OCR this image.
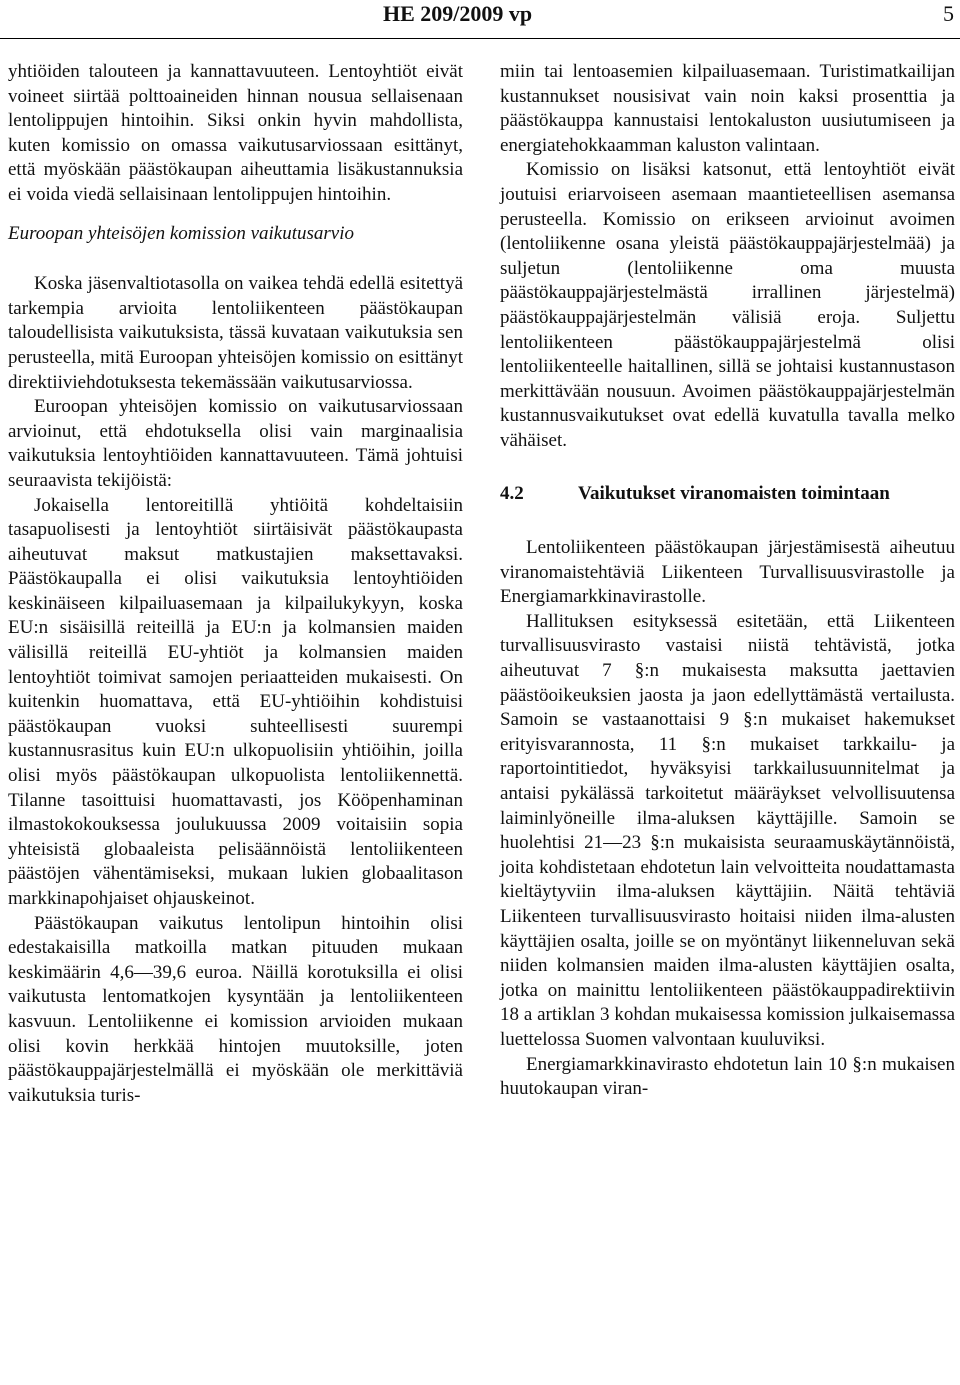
HE 209/2009 vp	5

yhtiöiden talouteen ja kannattavuuteen. Lentoyhtiöt eivät voineet siirtää polttoaineiden hinnan nousua sellaisenaan lentolippujen hintoihin. Siksi onkin hyvin mahdollista, kuten komissio on omassa vaikutusarviossaan esittänyt, että myöskään päästökaupan aiheuttamia lisäkustannuksia ei voida viedä sellaisinaan lentolippujen hintoihin.

Euroopan yhteisöjen komission vaikutusarvio

Koska jäsenvaltiotasolla on vaikea tehdä edellä esitettyä tarkempia arvioita lentoliikenteen päästökaupan taloudellisista vaikutuksista, tässä kuvataan vaikutuksia sen perusteella, mitä Euroopan yhteisöjen komissio on esittänyt direktiiviehdotuksesta tekemässään vaikutusarviossa.

Euroopan yhteisöjen komissio on vaikutusarviossaan arvioinut, että ehdotuksella olisi vain marginaalisia vaikutuksia lentoyhtiöiden kannattavuuteen. Tämä johtuisi seuraavista tekijöistä:

Jokaisella lentoreitillä yhtiöitä kohdeltaisiin tasapuolisesti ja lentoyhtiöt siirtäisivät päästökaupasta aiheutuvat maksut matkustajien maksettavaksi. Päästökaupalla ei olisi vaikutuksia lentoyhtiöiden keskinäiseen kilpailuasemaan ja kilpailukykyyn, koska EU:n sisäisillä reiteillä ja EU:n ja kolmansien maiden välisillä reiteillä EU-yhtiöt ja kolmansien maiden lentoyhtiöt toimivat samojen periaatteiden mukaisesti. On kuitenkin huomattava, että EU-yhtiöihin kohdistuisi päästökaupan vuoksi suhteellisesti suurempi kustannusrasitus kuin EU:n ulkopuolisiin yhtiöihin, joilla olisi myös päästökaupan ulkopuolista lentoliikennettä. Tilanne tasoittuisi huomattavasti, jos Kööpenhaminan ilmastokokouksessa joulukuussa 2009 voitaisiin sopia yhteisistä globaaleista pelisäännöistä lentoliikenteen päästöjen vähentämiseksi, mukaan lukien globaalitason markkinapohjaiset ohjauskeinot.

Päästökaupan vaikutus lentolipun hintoihin olisi edestakaisilla matkoilla matkan pituuden mukaan keskimäärin 4,6—39,6 euroa. Näillä korotuksilla ei olisi vaikutusta lentomatkojen kysyntään ja lentoliikenteen kasvuun. Lentoliikenne ei komission arvioiden mukaan olisi kovin herkkää hintojen muutoksille, joten päästökauppajärjestelmällä ei myöskään ole merkittäviä vaikutuksia turis-

miin tai lentoasemien kilpailuasemaan. Turistimatkailijan kustannukset nousisivat vain noin kaksi prosenttia ja päästökauppa kannustaisi lentokaluston uusiutumiseen ja energiatehokkaamman kaluston valintaan.

Komissio on lisäksi katsonut, että lentoyhtiöt eivät joutuisi eriarvoiseen asemaan maantieteellisen asemansa perusteella. Komissio on erikseen arvioinut avoimen (lentoliikenne osana yleistä päästökauppajärjestelmää) ja suljetun (lentoliikenne oma muusta päästökauppajärjestelmästä irrallinen järjestelmä) päästökauppajärjestelmän välisiä eroja. Suljettu lentoliikenteen päästökauppajärjestelmä olisi lentoliikenteelle haitallinen, sillä se johtaisi kustannustason merkittävään nousuun. Avoimen päästökauppajärjestelmän kustannusvaikutukset ovat edellä kuvatulla tavalla melko vähäiset.

4.2	Vaikutukset viranomaisten toimintaan

Lentoliikenteen päästökaupan järjestämisestä aiheutuu viranomaistehtäviä Liikenteen Turvallisuusvirastolle ja Energiamarkkinavirastolle.

Hallituksen esityksessä esitetään, että Liikenteen turvallisuusvirasto vastaisi niistä tehtävistä, jotka aiheutuvat 7 §:n mukaisesta maksutta jaettavien päästöoikeuksien jaosta ja jaon edellyttämästä vertailusta. Samoin se vastaanottaisi 9 §:n mukaiset hakemukset erityisvarannosta, 11 §:n mukaiset tarkkailu- ja raportointitiedot, hyväksyisi tarkkailusuunnitelmat ja antaisi pykälässä tarkoitetut määräykset velvollisuutensa laiminlyöneille ilma-aluksen käyttäjille. Samoin se huolehtisi 21—23 §:n mukaisista seuraamuskäytännöistä, joita kohdistetaan ehdotetun lain velvoitteita noudattamasta kieltäytyviin ilma-aluksen käyttäjiin. Näitä tehtäviä Liikenteen turvallisuusvirasto hoitaisi niiden ilma-alusten käyttäjien osalta, joille se on myöntänyt liikenneluvan sekä niiden kolmansien maiden ilma-alusten käyttäjien osalta, jotka on mainittu lentoliikenteen päästökauppadirektiivin 18 a artiklan 3 kohdan mukaisessa komission julkaisemassa luettelossa Suomen valvontaan kuuluviksi.

Energiamarkkinavirasto ehdotetun lain 10 §:n mukaisen huutokaupan viran-
